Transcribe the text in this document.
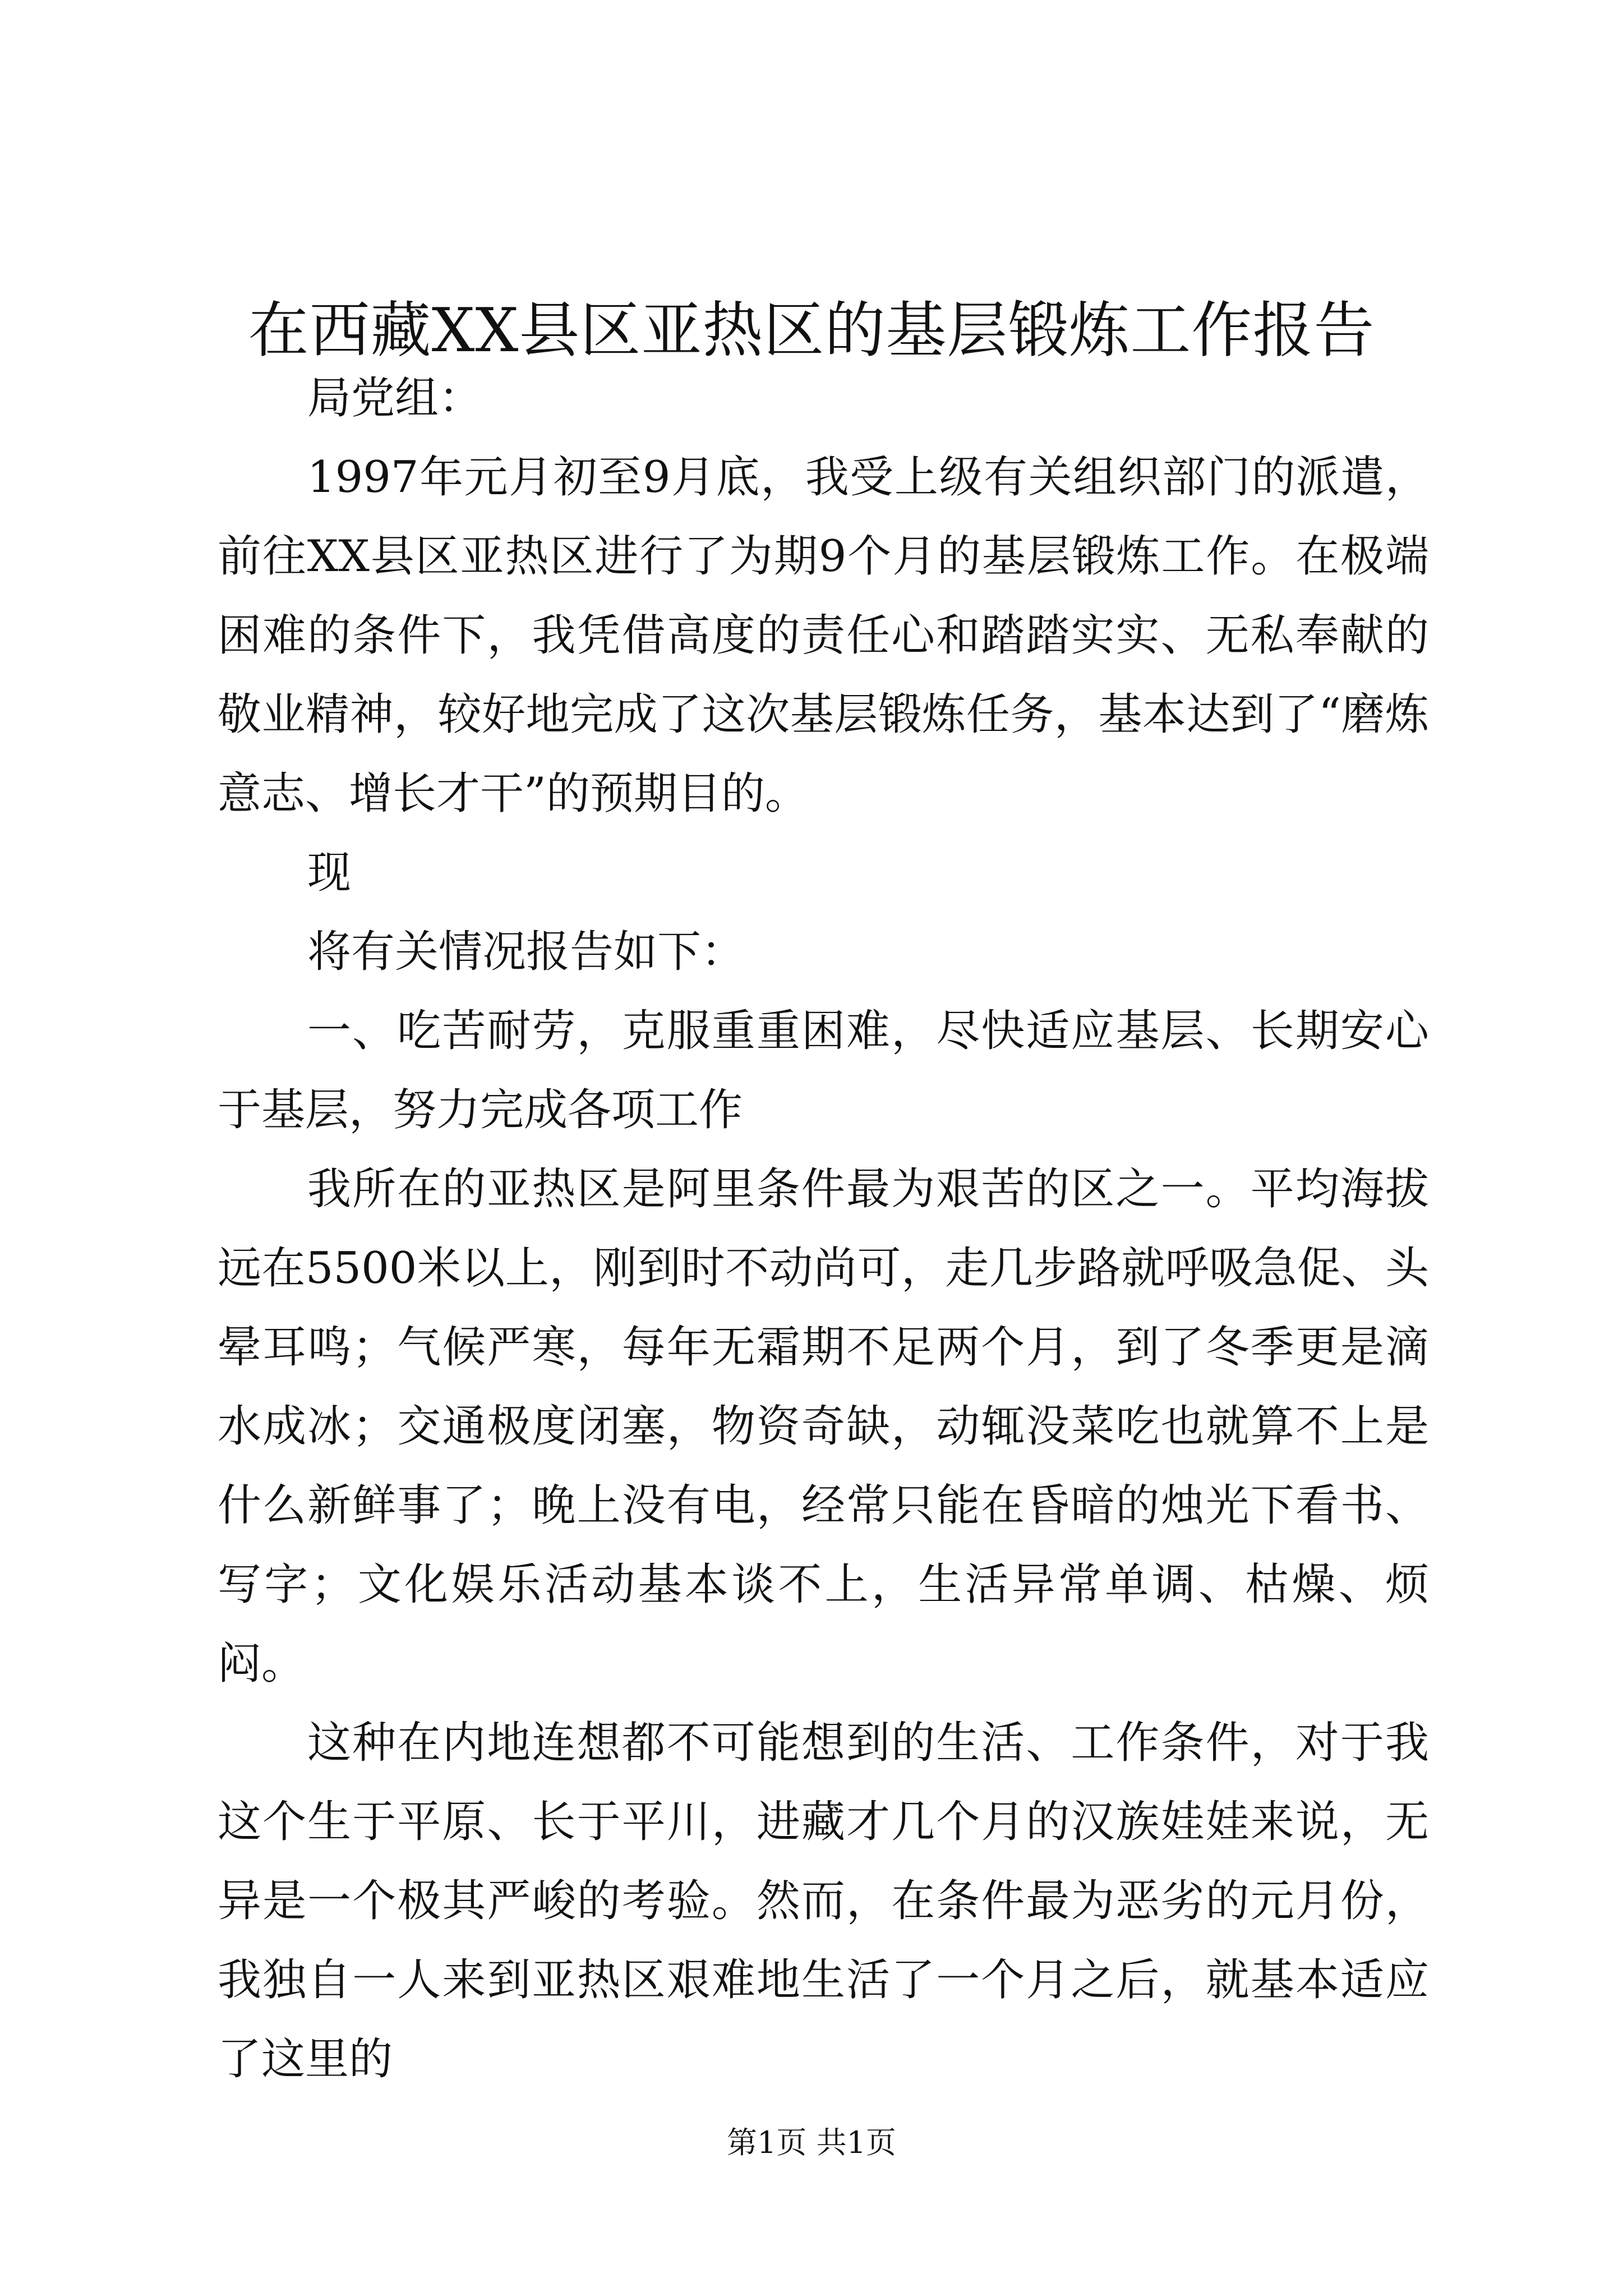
在西藏XX县区亚热区的基层锻炼工作报告

局党组：

1997年元月初至9月底，我受上级有关组织部门的派遣，前往XX县区亚热区进行了为期9个月的基层锻炼工作。在极端困难的条件下，我凭借高度的责任心和踏踏实实、无私奉献的敬业精神，较好地完成了这次基层锻炼任务，基本达到了“磨炼意志、增长才干”的预期目的。

现

将有关情况报告如下：

一、吃苦耐劳，克服重重困难，尽快适应基层、长期安心于基层，努力完成各项工作

我所在的亚热区是阿里条件最为艰苦的区之一。平均海拔远在5500米以上，刚到时不动尚可，走几步路就呼吸急促、头晕耳鸣；气候严寒，每年无霜期不足两个月，到了冬季更是滴水成冰；交通极度闭塞，物资奇缺，动辄没菜吃也就算不上是什么新鲜事了；晚上没有电，经常只能在昏暗的烛光下看书、写字；文化娱乐活动基本谈不上，生活异常单调、枯燥、烦闷。

这种在内地连想都不可能想到的生活、工作条件，对于我这个生于平原、长于平川，进藏才几个月的汉族娃娃来说，无异是一个极其严峻的考验。然而，在条件最为恶劣的元月份，我独自一人来到亚热区艰难地生活了一个月之后，就基本适应了这里的

第1页 共1页
